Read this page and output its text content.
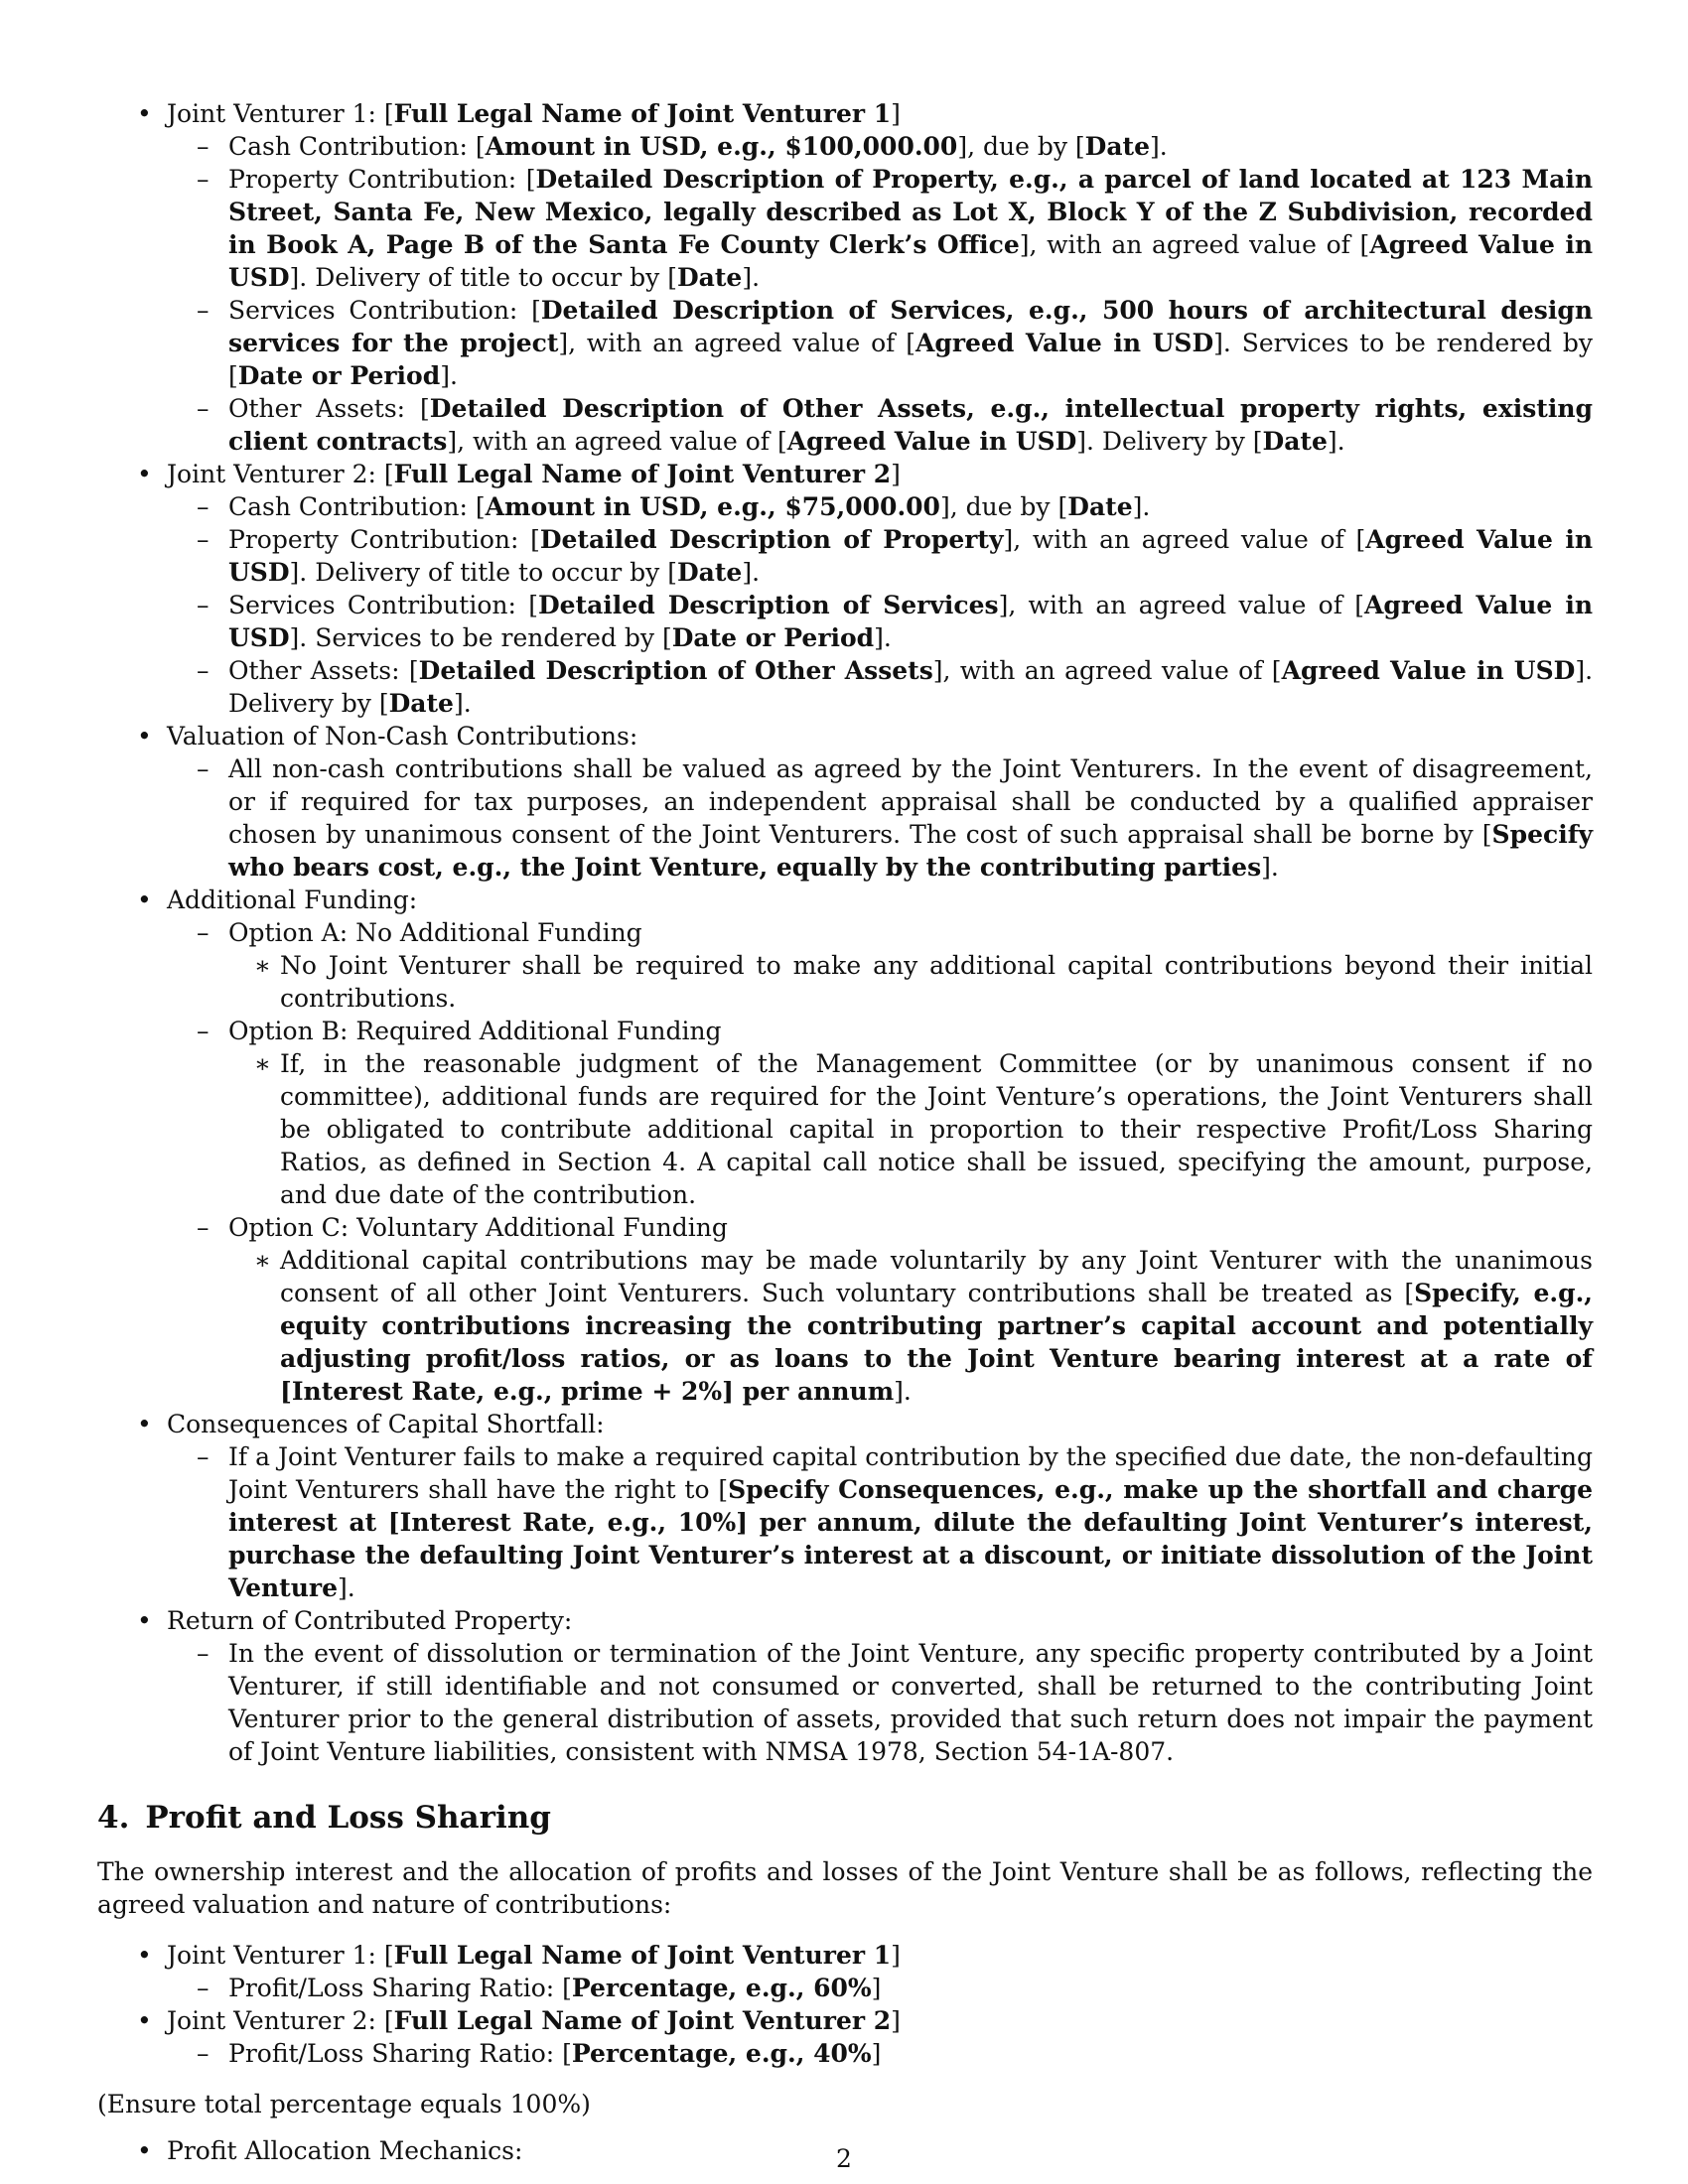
• Joint Venturer 1: [Full Legal Name of Joint Venturer 1]
– Cash Contribution: [Amount in USD, e.g., $100,000.00], due by [Date].
– Property Contribution: [Detailed Description of Property, e.g., a parcel of land located at 123 Main Street, Santa Fe, New Mexico, legally described as Lot X, Block Y of the Z Subdivision, recorded in Book A, Page B of the Santa Fe County Clerk’s Office], with an agreed value of [Agreed Value in USD]. Delivery of title to occur by [Date].
– Services Contribution: [Detailed Description of Services, e.g., 500 hours of architectural design services for the project], with an agreed value of [Agreed Value in USD]. Services to be rendered by [Date or Period].
– Other Assets: [Detailed Description of Other Assets, e.g., intellectual property rights, existing client contracts], with an agreed value of [Agreed Value in USD]. Delivery by [Date].
• Joint Venturer 2: [Full Legal Name of Joint Venturer 2]
– Cash Contribution: [Amount in USD, e.g., $75,000.00], due by [Date].
– Property Contribution: [Detailed Description of Property], with an agreed value of [Agreed Value in USD]. Delivery of title to occur by [Date].
– Services Contribution: [Detailed Description of Services], with an agreed value of [Agreed Value in USD]. Services to be rendered by [Date or Period].
– Other Assets: [Detailed Description of Other Assets], with an agreed value of [Agreed Value in USD]. Delivery by [Date].
• Valuation of Non-Cash Contributions:
– All non-cash contributions shall be valued as agreed by the Joint Venturers. In the event of disagreement, or if required for tax purposes, an independent appraisal shall be conducted by a qualified appraiser chosen by unanimous consent of the Joint Venturers. The cost of such appraisal shall be borne by [Specify who bears cost, e.g., the Joint Venture, equally by the contributing parties].
• Additional Funding:
– Option A: No Additional Funding
∗ No Joint Venturer shall be required to make any additional capital contributions beyond their initial contributions.
– Option B: Required Additional Funding
∗ If, in the reasonable judgment of the Management Committee (or by unanimous consent if no committee), additional funds are required for the Joint Venture’s operations, the Joint Venturers shall be obligated to contribute additional capital in proportion to their respective Profit/Loss Sharing Ratios, as defined in Section 4. A capital call notice shall be issued, specifying the amount, purpose, and due date of the contribution.
– Option C: Voluntary Additional Funding
∗ Additional capital contributions may be made voluntarily by any Joint Venturer with the unanimous consent of all other Joint Venturers. Such voluntary contributions shall be treated as [Specify, e.g., equity contributions increasing the contributing partner’s capital account and potentially adjusting profit/loss ratios, or as loans to the Joint Venture bearing interest at a rate of [Interest Rate, e.g., prime + 2%] per annum].
• Consequences of Capital Shortfall:
– If a Joint Venturer fails to make a required capital contribution by the specified due date, the non-defaulting Joint Venturers shall have the right to [Specify Consequences, e.g., make up the shortfall and charge interest at [Interest Rate, e.g., 10%] per annum, dilute the defaulting Joint Venturer’s interest, purchase the defaulting Joint Venturer’s interest at a discount, or initiate dissolution of the Joint Venture].
• Return of Contributed Property:
– In the event of dissolution or termination of the Joint Venture, any specific property contributed by a Joint Venturer, if still identifiable and not consumed or converted, shall be returned to the contributing Joint Venturer prior to the general distribution of assets, provided that such return does not impair the payment of Joint Venture liabilities, consistent with NMSA 1978, Section 54-1A-807.
4. Profit and Loss Sharing

The ownership interest and the allocation of profits and losses of the Joint Venture shall be as follows, reflecting the agreed valuation and nature of contributions:

• Joint Venturer 1: [Full Legal Name of Joint Venturer 1]
– Profit/Loss Sharing Ratio: [Percentage, e.g., 60%]
• Joint Venturer 2: [Full Legal Name of Joint Venturer 2]
– Profit/Loss Sharing Ratio: [Percentage, e.g., 40%]

(Ensure total percentage equals 100%)

• Profit Allocation Mechanics:	2
